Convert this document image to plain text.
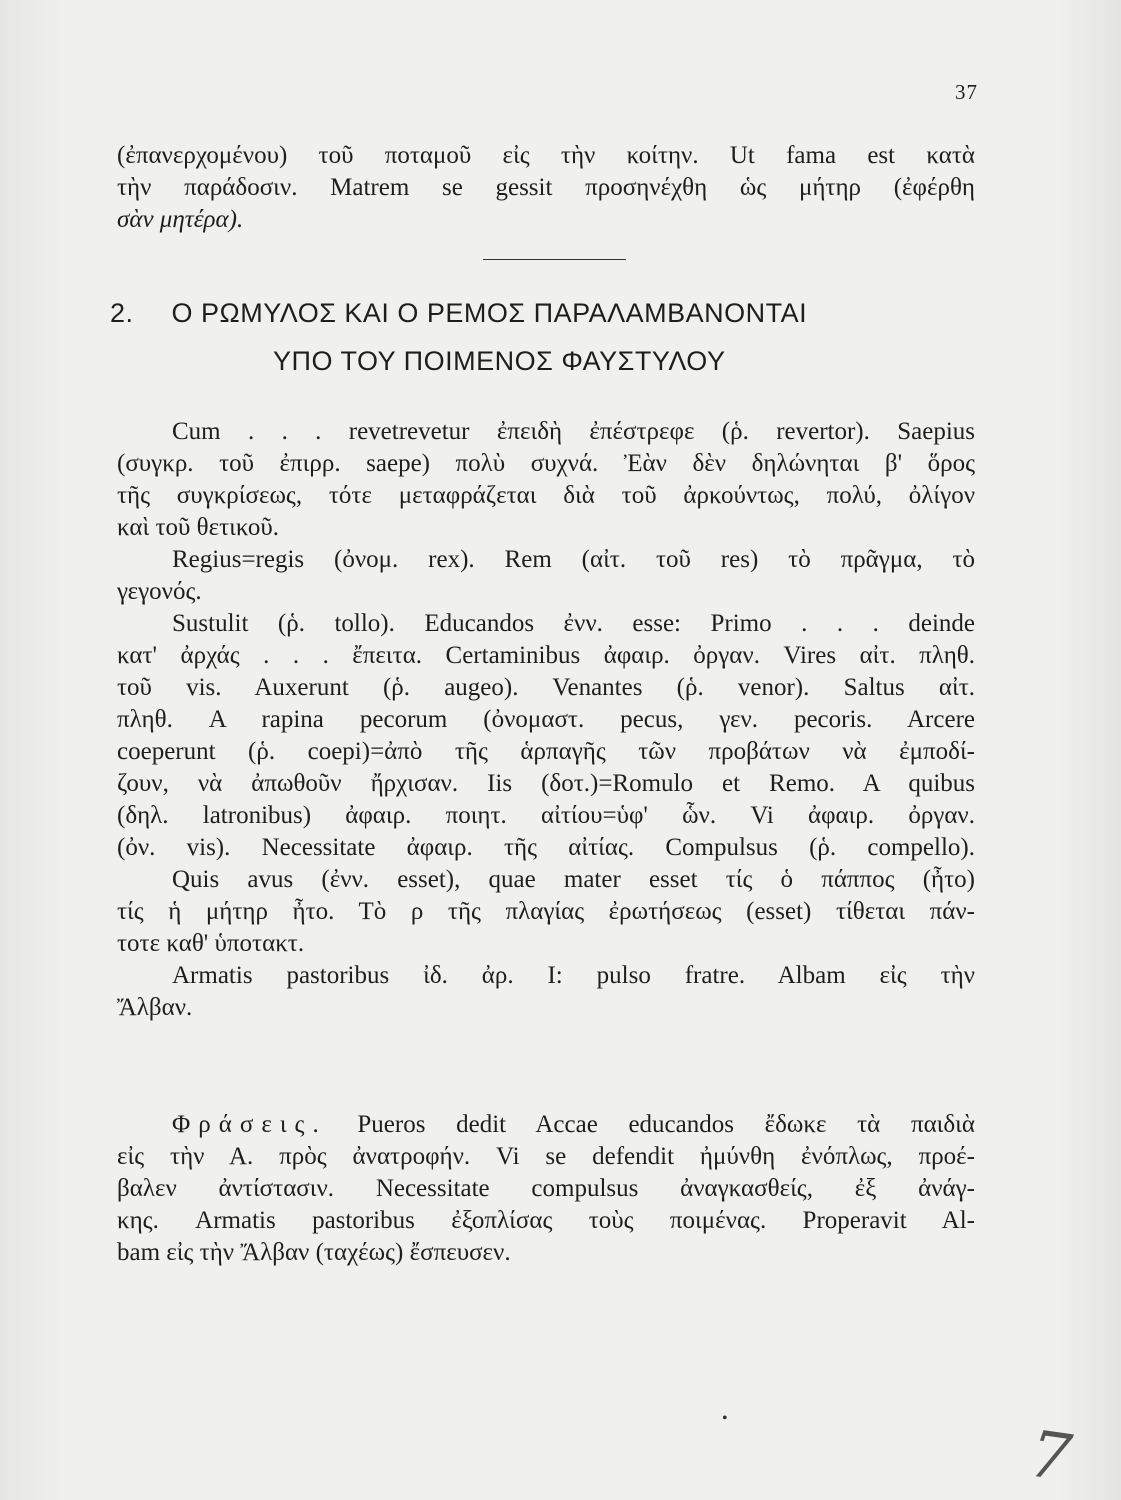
37
(ἐπανερχομένου) τοῦ ποταμοῦ εἰς τὴν κοίτην. Ut fama est κατὰ
τὴν παράδοσιν. Matrem se gessit προσηνέχθη ὡς μήτηρ (ἐφέρθη
σὰν μητέρα).
2. Ο ΡΩΜΥΛΟΣ ΚΑΙ Ο ΡΕΜΟΣ ΠΑΡΑΛΑΜΒΑΝΟΝΤΑΙ
ΥΠΟ ΤΟΥ ΠΟΙΜΕΝΟΣ ΦΑΥΣΤΥΛΟΥ
Cum . . . revetrevetur ἐπειδὴ ἐπέστρεφε (ῥ. revertor). Saepius
(συγκρ. τοῦ ἐπιρρ. saepe) πολὺ συχνά. Ἐὰν δὲν δηλώνηται β' ὅρος
τῆς συγκρίσεως, τότε μεταφράζεται διὰ τοῦ ἀρκούντως, πολύ, ὀλίγον
καὶ τοῦ θετικοῦ.
Regius=regis (ὀνομ. rex). Rem (αἰτ. τοῦ res) τὸ πρᾶγμα, τὸ
γεγονός.
Sustulit (ῥ. tollo). Educandos ἐνν. esse: Primo . . . deinde
κατ' ἀρχάς . . . ἔπειτα. Certaminibus ἀφαιρ. ὀργαν. Vires αἰτ. πληθ.
τοῦ vis. Auxerunt (ῥ. augeo). Venantes (ῥ. venor). Saltus αἰτ.
πληθ. A rapina pecorum (ὀνομαστ. pecus, γεν. pecoris. Arcere
coeperunt (ῥ. coepi)=ἀπὸ τῆς ἁρπαγῆς τῶν προβάτων νὰ ἐμποδί-
ζουν, νὰ ἀπωθοῦν ἤρχισαν. Iis (δοτ.)=Romulo et Remo. A quibus
(δηλ. latronibus) ἀφαιρ. ποιητ. αἰτίου=ὑφ' ὧν. Vi ἀφαιρ. ὀργαν.
(ὀν. vis). Necessitate ἀφαιρ. τῆς αἰτίας. Compulsus (ῥ. compello).
Quis avus (ἐνν. esset), quae mater esset τίς ὁ πάππος (ἦτο)
τίς ἡ μήτηρ ἦτο. Τὸ ρ τῆς πλαγίας ἐρωτήσεως (esset) τίθεται πάν-
τοτε καθ' ὑποτακτ.
Armatis pastoribus ἰδ. ἀρ. I: pulso fratre. Albam εἰς τὴν
Ἄλβαν.
Φράσεις. Pueros dedit Accae educandos ἔδωκε τὰ παιδιὰ
εἰς τὴν Α. πρὸς ἀνατροφήν. Vi se defendit ἠμύνθη ἐνόπλως, προέ-
βαλεν ἀντίστασιν. Necessitate compulsus ἀναγκασθείς, ἐξ ἀνάγ-
κης. Armatis pastoribus ἐξοπλίσας τοὺς ποιμένας. Properavit Al-
bam εἰς τὴν Ἄλβαν (ταχέως) ἔσπευσεν.
•	7
